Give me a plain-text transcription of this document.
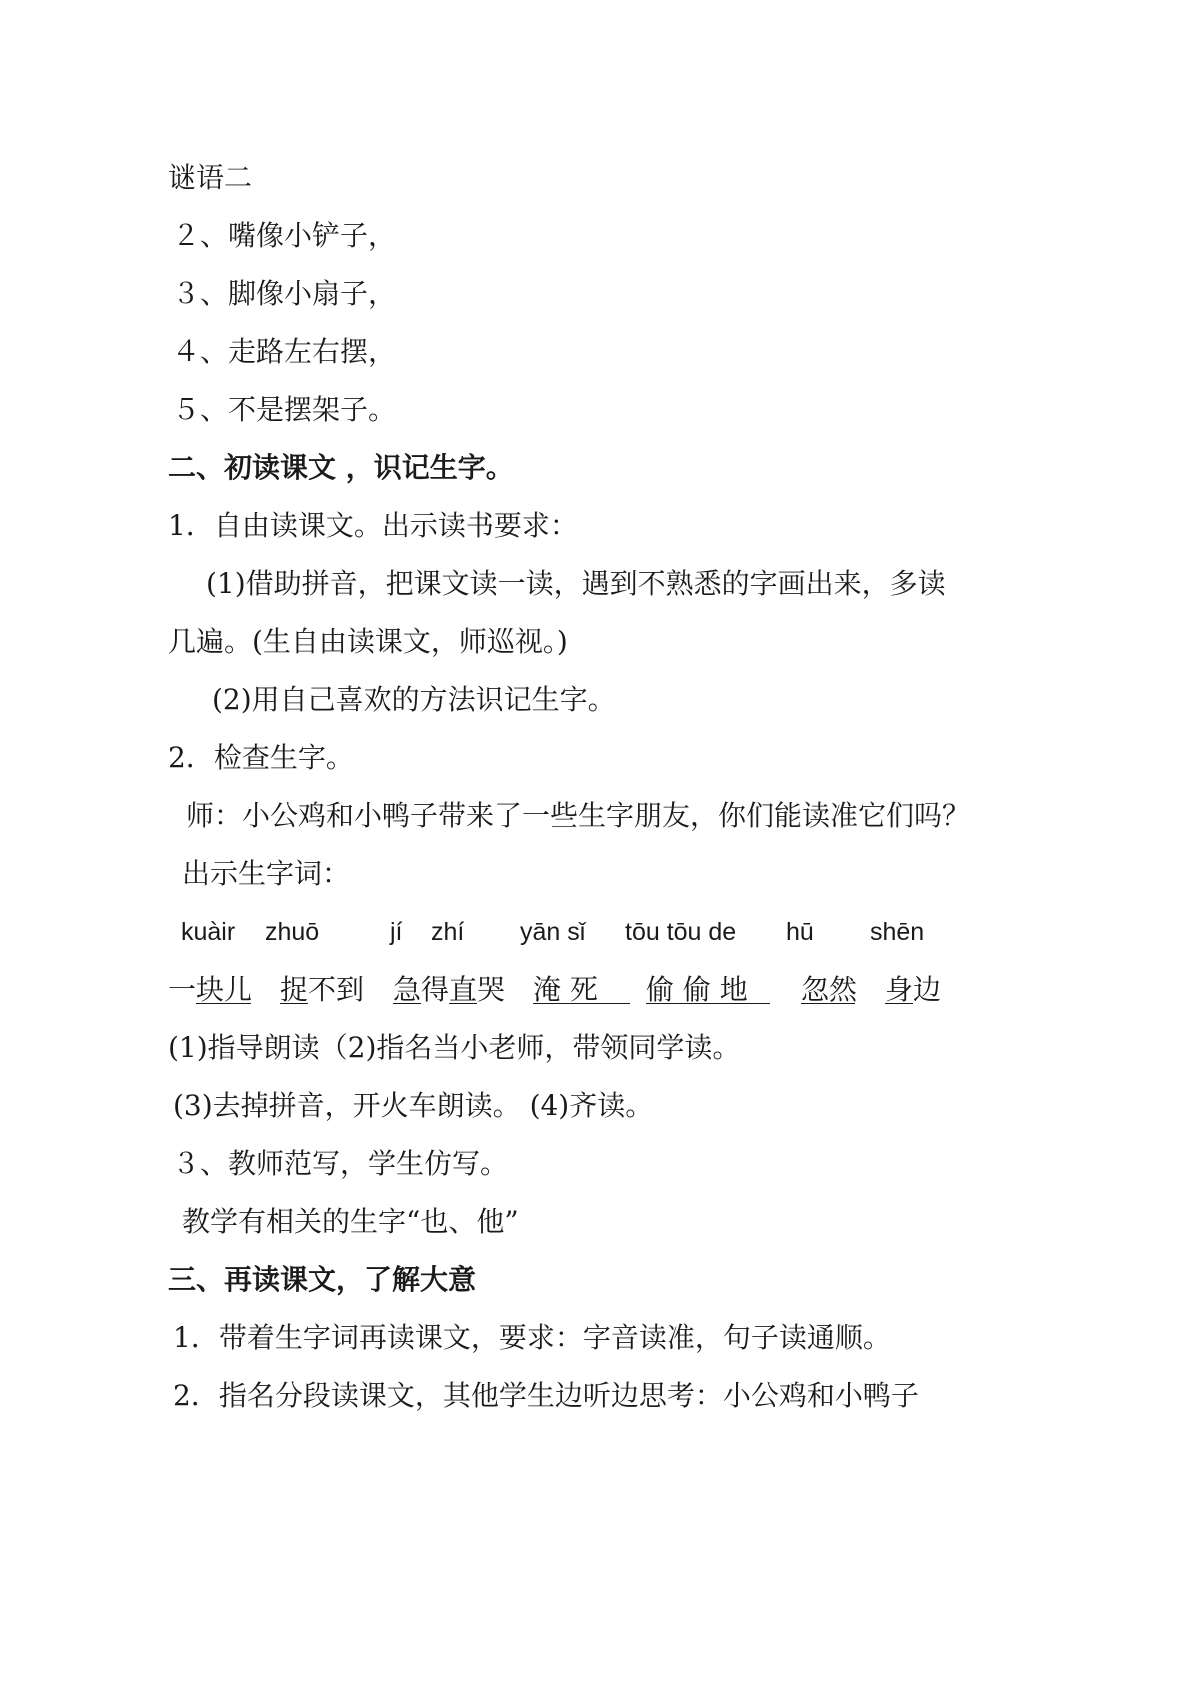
谜语二
２、嘴像小铲子，
３、脚像小扇子，
４、走路左右摆，
５、不是摆架子。
二、初读课文 ，识记生字。
1．自由读课文。出示读书要求：
(1)借助拼音，把课文读一读，遇到不熟悉的字画出来，多读
几遍。(生自由读课文，师巡视。)
(2)用自己喜欢的方法识记生字。
2．检查生字。
师：小公鸡和小鸭子带来了一些生字朋友，你们能读准它们吗？
出示生字词：
kuàir zhuō	jí zhí yān sǐ tōu tōu de hū shēn
一块儿 捉不到 急得直哭 淹 死 偷 偷 地 忽然 身边
(1)指导朗读（2)指名当小老师，带领同学读。
(3)去掉拼音，开火车朗读。 (4)齐读。
３、教师范写，学生仿写。
教学有相关的生字“也、他”
三、再读课文，了解大意
1．带着生字词再读课文，要求：字音读准，句子读通顺。
2．指名分段读课文，其他学生边听边思考：小公鸡和小鸭子
